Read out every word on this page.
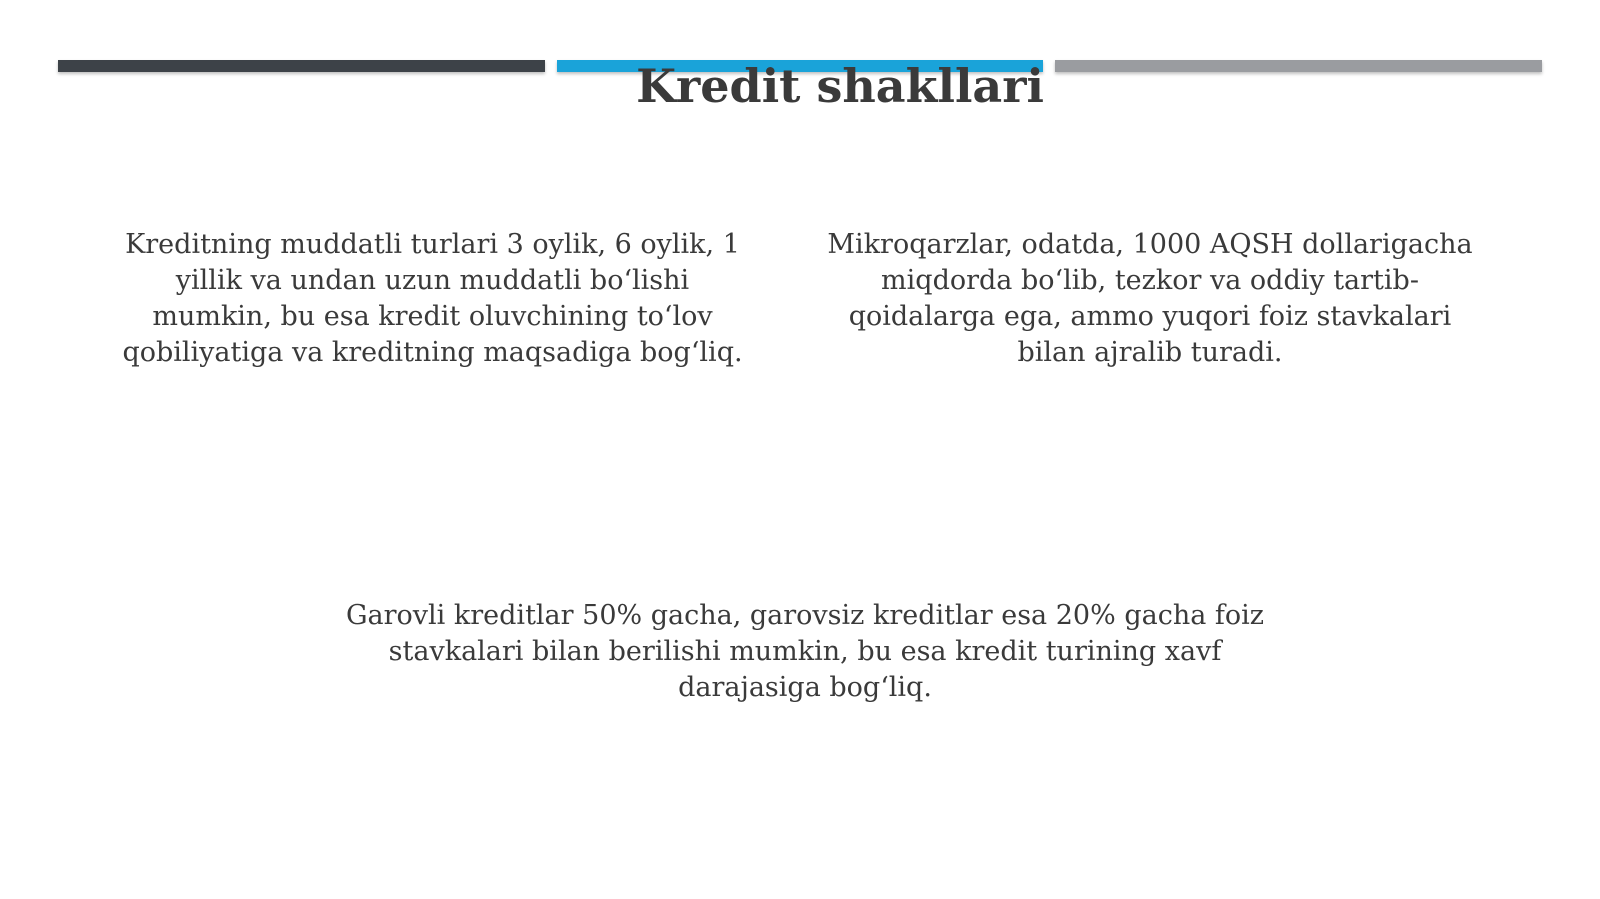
Kredit shakllari

Kreditning muddatli turlari 3 oylik, 6 oylik, 1 yillik va undan uzun muddatli bo‘lishi mumkin, bu esa kredit oluvchining to‘lov qobiliyatiga va kreditning maqsadiga bog‘liq.

Mikroqarzlar, odatda, 1000 AQSH dollarigacha miqdorda bo‘lib, tezkor va oddiy tartib-qoidalarga ega, ammo yuqori foiz stavkalari bilan ajralib turadi.

Garovli kreditlar 50% gacha, garovsiz kreditlar esa 20% gacha foiz stavkalari bilan berilishi mumkin, bu esa kredit turining xavf darajasiga bog‘liq.
